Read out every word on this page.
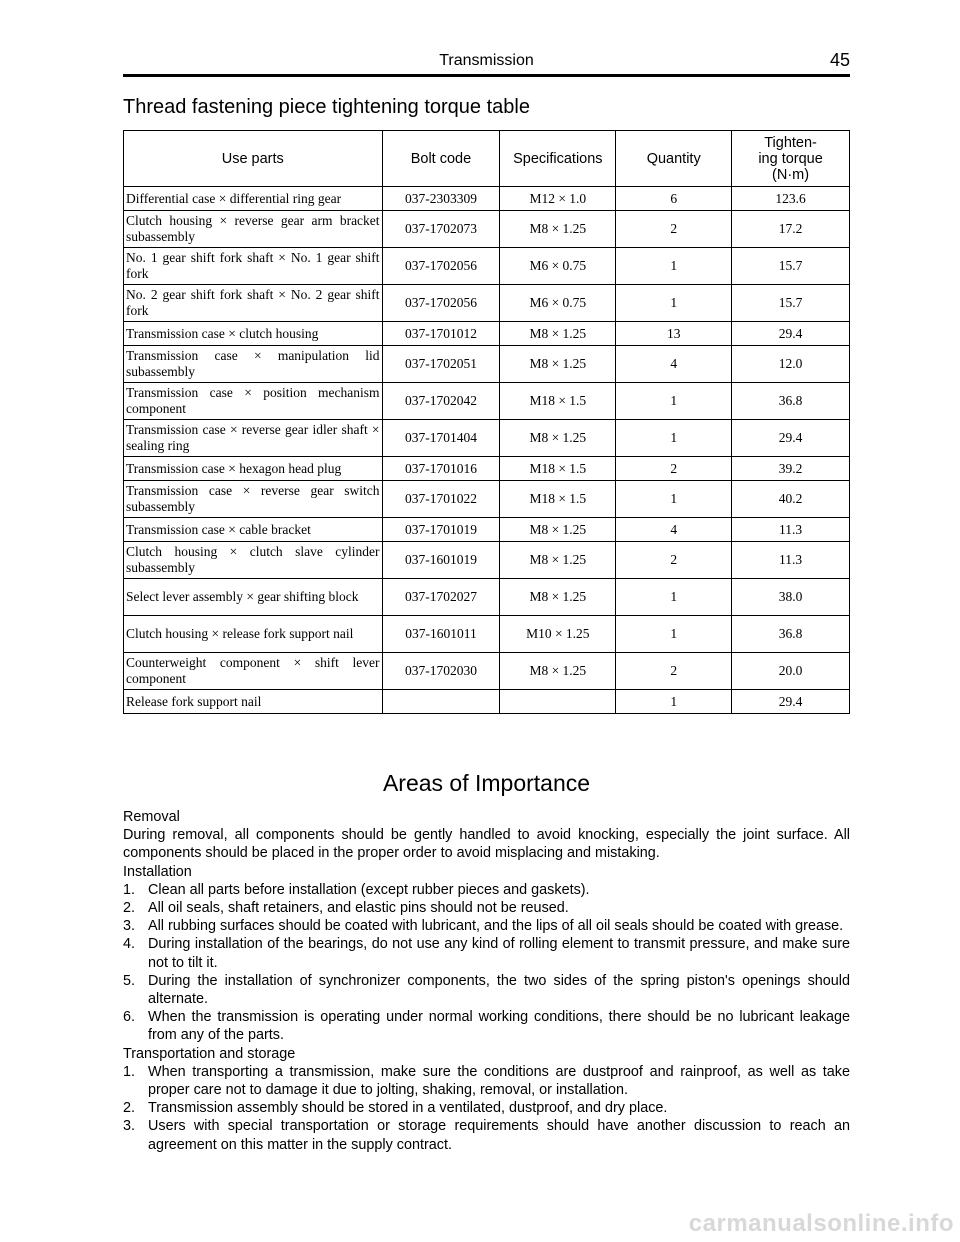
Transmission	45
Thread fastening piece tightening torque table
Use parts	Bolt code	Specifications	Quantity	Tighten-
ing torque
(N·m)
Differential case × differential ring gear	037-2303309	M12 × 1.0	6	123.6
Clutch housing × reverse gear arm bracket subassembly	037-1702073	M8 × 1.25	2	17.2
No. 1 gear shift fork shaft × No. 1 gear shift fork	037-1702056	M6 × 0.75	1	15.7
No. 2 gear shift fork shaft × No. 2 gear shift fork	037-1702056	M6 × 0.75	1	15.7
Transmission case × clutch housing	037-1701012	M8 × 1.25	13	29.4
Transmission case × manipulation lid subassembly	037-1702051	M8 × 1.25	4	12.0
Transmission case × position mechanism component	037-1702042	M18 × 1.5	1	36.8
Transmission case × reverse gear idler shaft × sealing ring	037-1701404	M8 × 1.25	1	29.4
Transmission case × hexagon head plug	037-1701016	M18 × 1.5	2	39.2
Transmission case × reverse gear switch subassembly	037-1701022	M18 × 1.5	1	40.2
Transmission case × cable bracket	037-1701019	M8 × 1.25	4	11.3
Clutch housing × clutch slave cylinder subassembly	037-1601019	M8 × 1.25	2	11.3
Select lever assembly × gear shifting block	037-1702027	M8 × 1.25	1	38.0
Clutch housing × release fork support nail	037-1601011	M10 × 1.25	1	36.8
Counterweight component × shift lever component	037-1702030	M8 × 1.25	2	20.0
Release fork support nail			1	29.4
Areas of Importance

Removal

During removal, all components should be gently handled to avoid knocking, especially the joint surface. All components should be placed in the proper order to avoid misplacing and mistaking.

Installation

1. Clean all parts before installation (except rubber pieces and gaskets).
2. All oil seals, shaft retainers, and elastic pins should not be reused.
3. All rubbing surfaces should be coated with lubricant, and the lips of all oil seals should be coated with grease.
4. During installation of the bearings, do not use any kind of rolling element to transmit pressure, and make sure not to tilt it.
5. During the installation of synchronizer components, the two sides of the spring piston's openings should alternate.
6. When the transmission is operating under normal working conditions, there should be no lubricant leakage from any of the parts.

Transportation and storage

1. When transporting a transmission, make sure the conditions are dustproof and rainproof, as well as take proper care not to damage it due to jolting, shaking, removal, or installation.
2. Transmission assembly should be stored in a ventilated, dustproof, and dry place.
3. Users with special transportation or storage requirements should have another discussion to reach an agreement on this matter in the supply contract.
carmanualsonline.info
